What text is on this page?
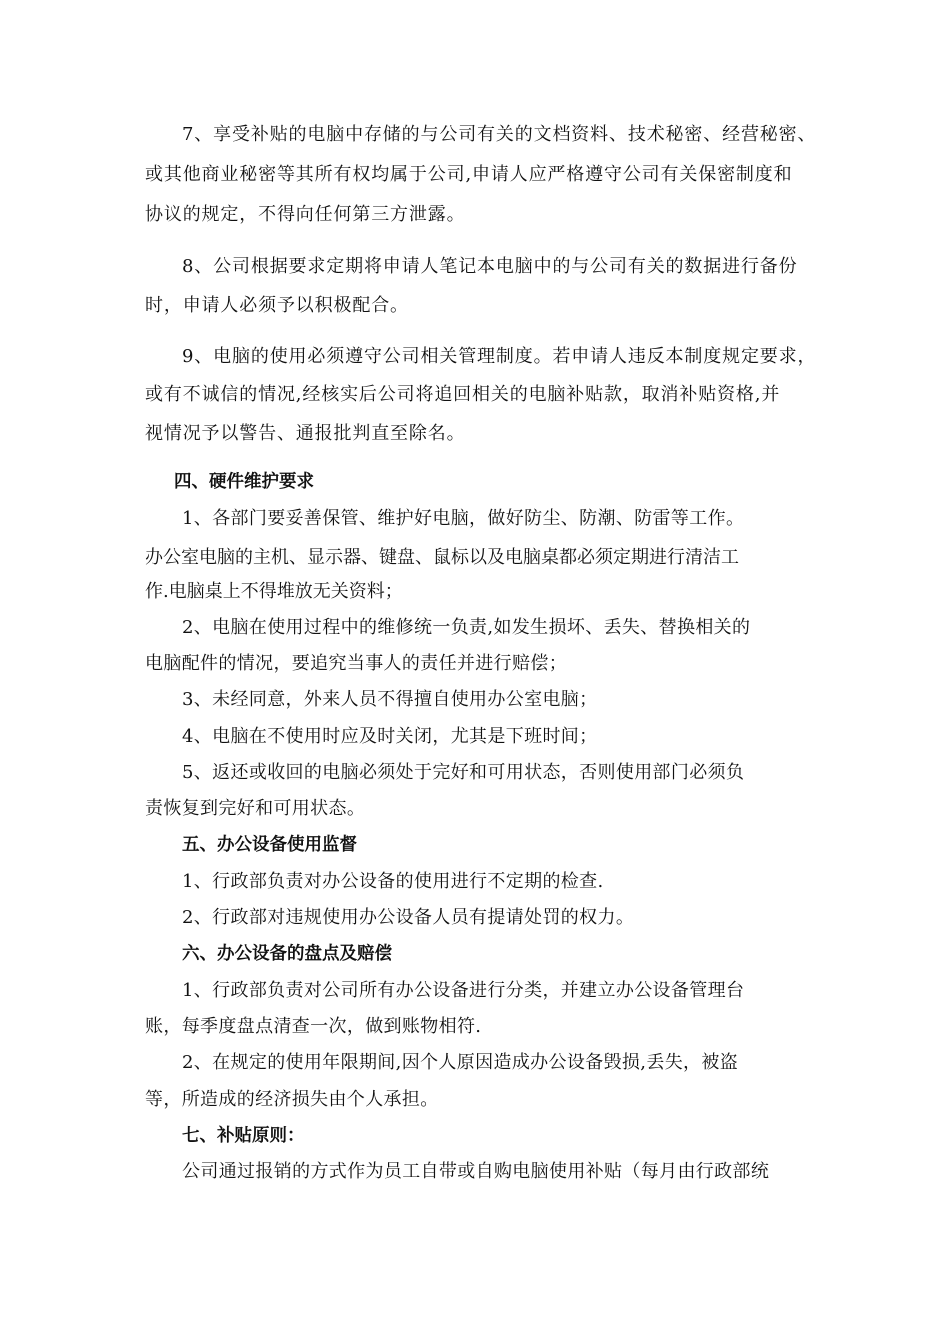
7、享受补贴的电脑中存储的与公司有关的文档资料、技术秘密、经营秘密、

或其他商业秘密等其所有权均属于公司,申请人应严格遵守公司有关保密制度和

协议的规定，不得向任何第三方泄露。

8、公司根据要求定期将申请人笔记本电脑中的与公司有关的数据进行备份

时，申请人必须予以积极配合。

9、电脑的使用必须遵守公司相关管理制度。若申请人违反本制度规定要求，

或有不诚信的情况,经核实后公司将追回相关的电脑补贴款，取消补贴资格,并

视情况予以警告、通报批判直至除名。

四、硬件维护要求

1、各部门要妥善保管、维护好电脑，做好防尘、防潮、防雷等工作。

办公室电脑的主机、显示器、键盘、鼠标以及电脑桌都必须定期进行清洁工

作.电脑桌上不得堆放无关资料；

2、电脑在使用过程中的维修统一负责,如发生损坏、丢失、替换相关的

电脑配件的情况，要追究当事人的责任并进行赔偿；

3、未经同意，外来人员不得擅自使用办公室电脑；

4、电脑在不使用时应及时关闭，尤其是下班时间；

5、返还或收回的电脑必须处于完好和可用状态，否则使用部门必须负

责恢复到完好和可用状态。

五、办公设备使用监督

1、行政部负责对办公设备的使用进行不定期的检查.

2、行政部对违规使用办公设备人员有提请处罚的权力。

六、办公设备的盘点及赔偿

1、行政部负责对公司所有办公设备进行分类，并建立办公设备管理台

账，每季度盘点清查一次，做到账物相符.

2、在规定的使用年限期间,因个人原因造成办公设备毁损,丢失，被盗

等，所造成的经济损失由个人承担。

七、补贴原则：

公司通过报销的方式作为员工自带或自购电脑使用补贴（每月由行政部统
